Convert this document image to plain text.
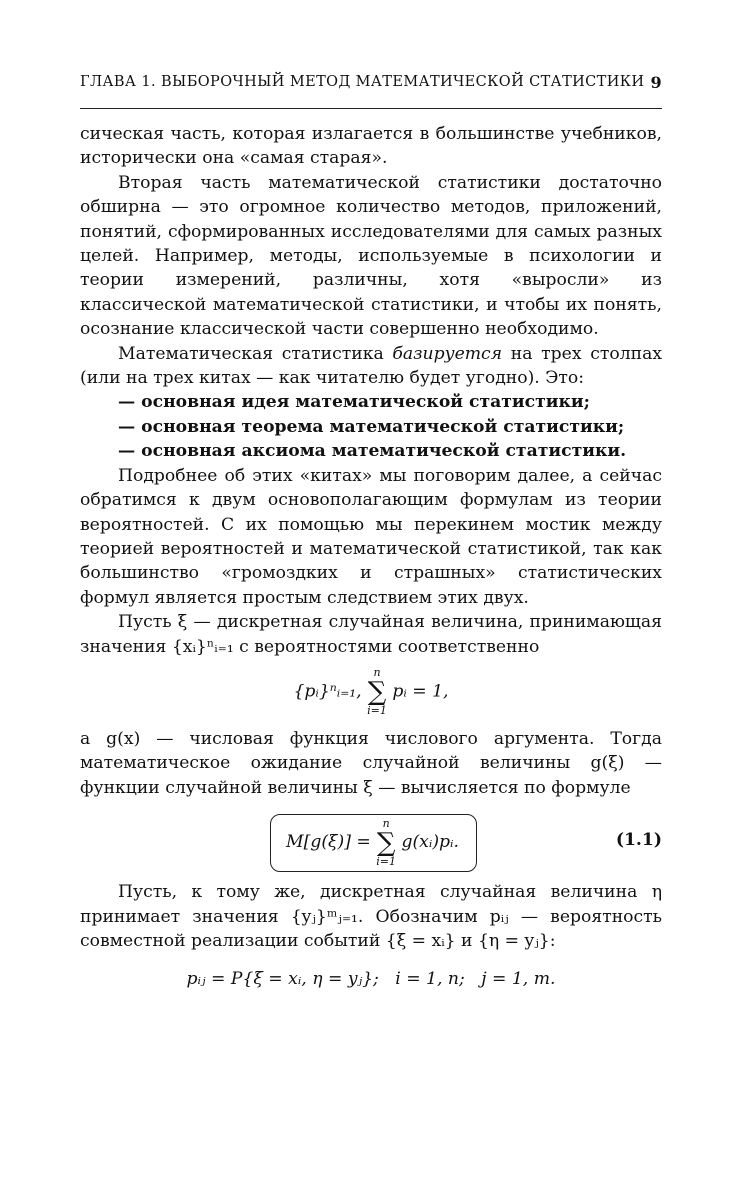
ГЛАВА 1. ВЫБОРОЧНЫЙ МЕТОД МАТЕМАТИЧЕСКОЙ СТАТИСТИКИ 9

сическая часть, которая излагается в большинстве учебников, исторически она «самая старая».

Вторая часть математической статистики достаточно обширна — это огромное количество методов, приложений, понятий, сформированных исследователями для самых разных целей. Например, методы, используемые в психологии и теории измерений, различны, хотя «выросли» из классической математической статистики, и чтобы их понять, осознание классической части совершенно необходимо.

Математическая статистика базируется на трех столпах (или на трех китах — как читателю будет угодно). Это:

— основная идея математической статистики;

— основная теорема математической статистики;

— основная аксиома математической статистики.

Подробнее об этих «китах» мы поговорим далее, а сейчас обратимся к двум основополагающим формулам из теории вероятностей. С их помощью мы перекинем мостик между теорией вероятностей и математической статистикой, так как большинство «громоздких и страшных» статистических формул является простым следствием этих двух.

Пусть ξ — дискретная случайная величина, принимающая значения {xᵢ}ⁿᵢ₌₁ с вероятностями соответственно

{pᵢ}ⁿᵢ₌₁,
n
∑
i=1
pᵢ = 1,

а g(x) — числовая функция числового аргумента. Тогда математическое ожидание случайной величины g(ξ) — функции случайной величины ξ — вычисляется по формуле

M[g(ξ)] =
n
∑
i=1
g(xᵢ)pᵢ.	(1.1)

Пусть, к тому же, дискретная случайная величина η принимает значения {yⱼ}ᵐⱼ₌₁. Обозначим pᵢⱼ — вероятность совместной реализации событий {ξ = xᵢ} и {η = yⱼ}:

pᵢⱼ = P{ξ = xᵢ, η = yⱼ}; i = 1, n; j = 1, m.
